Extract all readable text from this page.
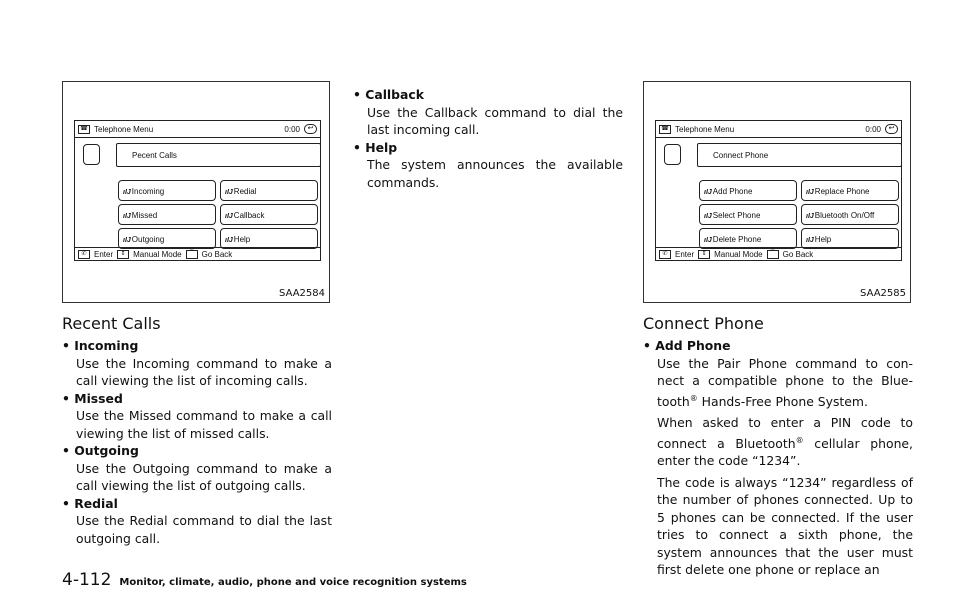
☎ Telephone Menu	0:00	↩
Pecent Calls
ıIJIncoming	ıIJRedial
ıIJMissed	ıIJCallback
ıIJOutgoing	ıIJHelp
✆ Enter	⇕ Manual Mode	⌒ Go Back
SAA2584
☎ Telephone Menu	0:00	↩
Connect Phone
ıIJAdd Phone	ıIJReplace Phone
ıIJSelect Phone	ıIJBluetooth On/Off
ıIJDelete Phone	ıIJHelp
✆ Enter	⇕ Manual Mode	⌒ Go Back
SAA2585
Recent Calls
• Incoming
Use the Incoming command to make a call viewing the list of incoming calls.
• Missed
Use the Missed command to make a call viewing the list of missed calls.
• Outgoing
Use the Outgoing command to make a call viewing the list of outgoing calls.
• Redial
Use the Redial command to dial the last outgoing call.
• Callback
Use the Callback command to dial the last incoming call.
• Help
The system announces the available commands.
Connect Phone
• Add Phone

Use the Pair Phone command to con-nect a compatible phone to the Blue-tooth® Hands-Free Phone System.

When asked to enter a PIN code to connect a Bluetooth® cellular phone, enter the code “1234”.

The code is always “1234” regardless of the number of phones connected. Up to 5 phones can be connected. If the user tries to connect a sixth phone, the system announces that the user must first delete one phone or replace an

4-112 Monitor, climate, audio, phone and voice recognition systems
